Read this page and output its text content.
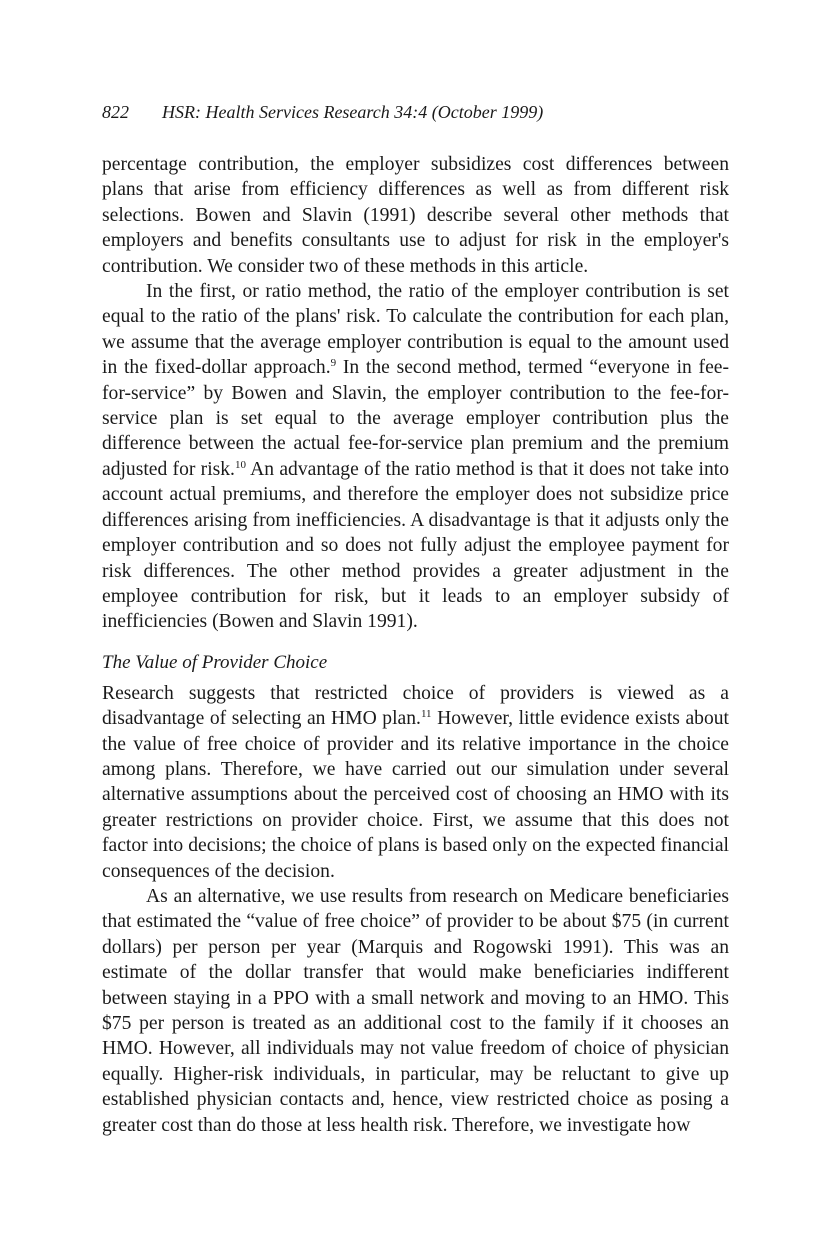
822 HSR: Health Services Research 34:4 (October 1999)

percentage contribution, the employer subsidizes cost differences between plans that arise from efficiency differences as well as from different risk selections. Bowen and Slavin (1991) describe several other methods that employers and benefits consultants use to adjust for risk in the employer's contribution. We consider two of these methods in this article.

In the first, or ratio method, the ratio of the employer contribution is set equal to the ratio of the plans' risk. To calculate the contribution for each plan, we assume that the average employer contribution is equal to the amount used in the fixed-dollar approach.$^9$ In the second method, termed “everyone in fee-for-service” by Bowen and Slavin, the employer contribution to the fee-for-service plan is set equal to the average employer contribution plus the difference between the actual fee-for-service plan premium and the premium adjusted for risk.$^{10}$ An advantage of the ratio method is that it does not take into account actual premiums, and therefore the employer does not subsidize price differences arising from inefficiencies. A disadvantage is that it adjusts only the employer contribution and so does not fully adjust the employee payment for risk differences. The other method provides a greater adjustment in the employee contribution for risk, but it leads to an employer subsidy of inefficiencies (Bowen and Slavin 1991).

The Value of Provider Choice

Research suggests that restricted choice of providers is viewed as a disadvantage of selecting an HMO plan.$^{11}$ However, little evidence exists about the value of free choice of provider and its relative importance in the choice among plans. Therefore, we have carried out our simulation under several alternative assumptions about the perceived cost of choosing an HMO with its greater restrictions on provider choice. First, we assume that this does not factor into decisions; the choice of plans is based only on the expected financial consequences of the decision.

As an alternative, we use results from research on Medicare beneficiaries that estimated the “value of free choice” of provider to be about $75 (in current dollars) per person per year (Marquis and Rogowski 1991). This was an estimate of the dollar transfer that would make beneficiaries indifferent between staying in a PPO with a small network and moving to an HMO. This $75 per person is treated as an additional cost to the family if it chooses an HMO. However, all individuals may not value freedom of choice of physician equally. Higher-risk individuals, in particular, may be reluctant to give up established physician contacts and, hence, view restricted choice as posing a greater cost than do those at less health risk. Therefore, we investigate how
